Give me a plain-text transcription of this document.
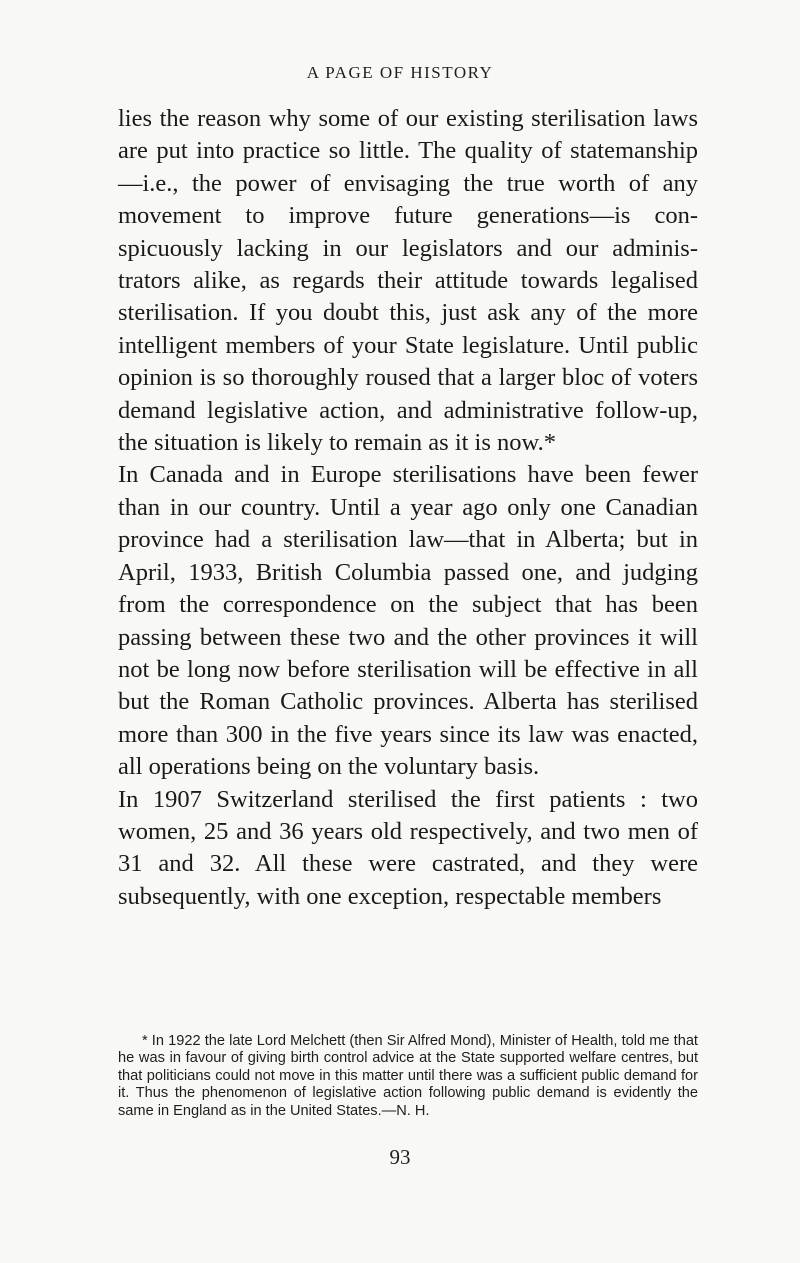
A PAGE OF HISTORY

lies the reason why some of our existing sterilisation laws are put into practice so little. The quality of statemanship—i.e., the power of envisaging the true worth of any movement to improve future generations—is conspicuously lacking in our legislators and our administrators alike, as regards their attitude towards legalised sterilisation. If you doubt this, just ask any of the more intelligent members of your State legislature. Until public opinion is so thoroughly roused that a larger bloc of voters demand legislative action, and administrative follow-up, the situation is likely to remain as it is now.*

In Canada and in Europe sterilisations have been fewer than in our country. Until a year ago only one Canadian province had a sterilisation law—that in Alberta; but in April, 1933, British Columbia passed one, and judging from the correspondence on the subject that has been passing between these two and the other provinces it will not be long now before sterilisation will be effective in all but the Roman Catholic provinces. Alberta has sterilised more than 300 in the five years since its law was enacted, all operations being on the voluntary basis.

In 1907 Switzerland sterilised the first patients : two women, 25 and 36 years old respectively, and two men of 31 and 32. All these were castrated, and they were subsequently, with one exception, respectable members

* In 1922 the late Lord Melchett (then Sir Alfred Mond), Minister of Health, told me that he was in favour of giving birth control advice at the State supported welfare centres, but that politicians could not move in this matter until there was a sufficient public demand for it. Thus the phenomenon of legislative action following public demand is evidently the same in England as in the United States.—N. H.

93
